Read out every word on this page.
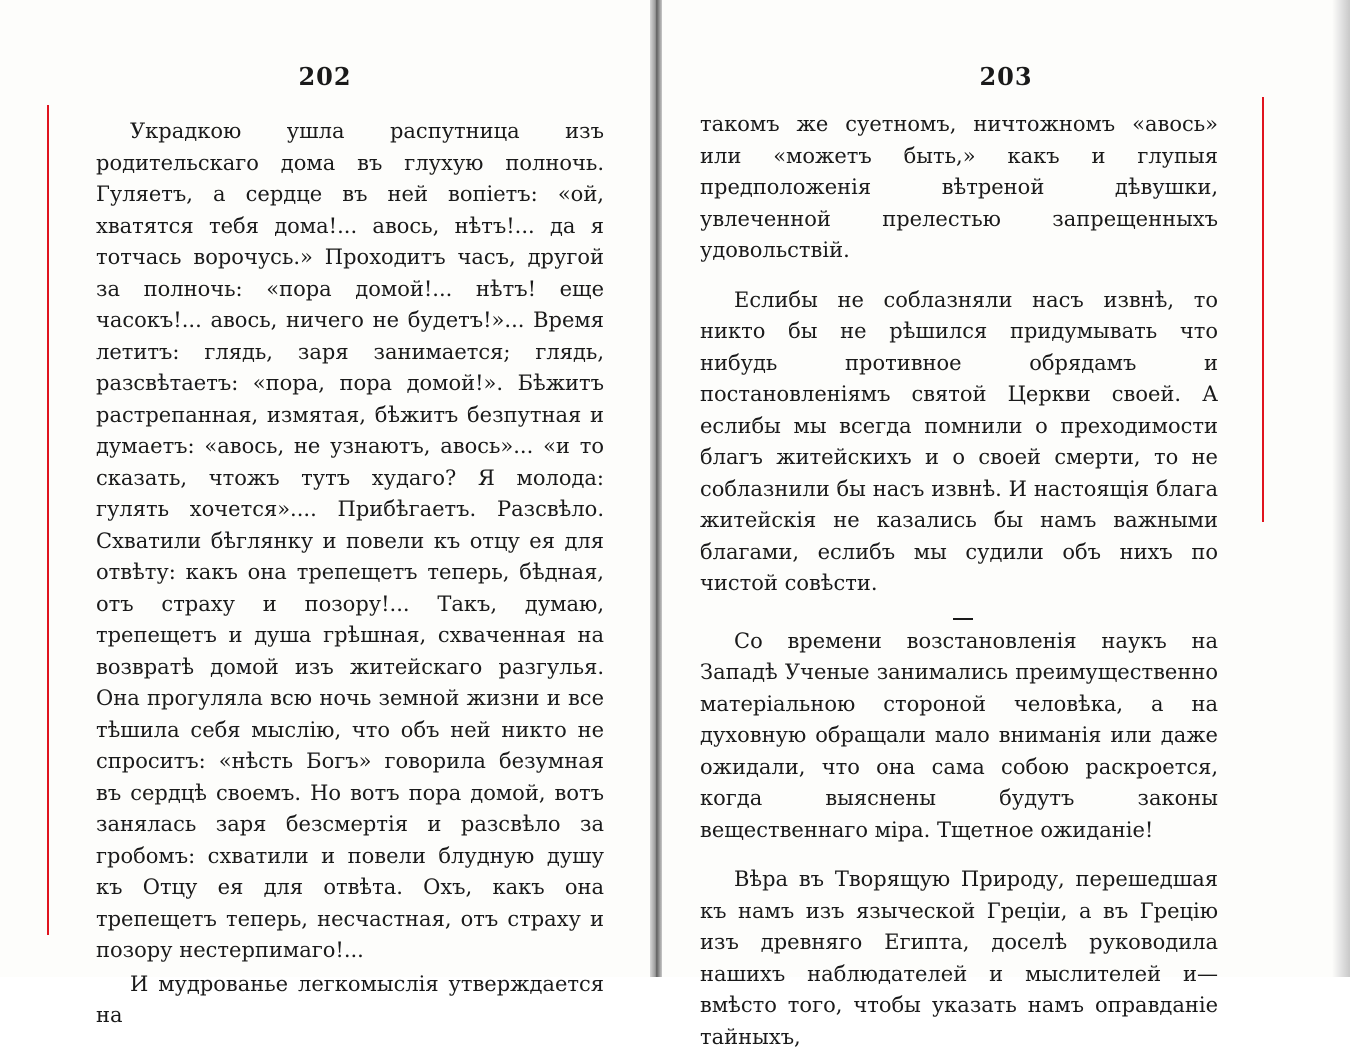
202

Украдкою ушла распутница изъ родительскаго дома въ глухую полночь. Гуляетъ, а сердце въ ней вопіетъ: «ой, хватятся тебя дома!... авось, нѣтъ!... да я тотчась ворочусь.» Проходитъ часъ, другой за полночь: «пора домой!... нѣтъ! еще часокъ!... авось, ничего не будетъ!»... Время летитъ: глядь, заря занимается; глядь, разсвѣтаетъ: «пора, пора домой!». Бѣжитъ растрепанная, измятая, бѣжитъ безпутная и думаетъ: «авось, не узнаютъ, авось»... «и то сказать, чтожъ тутъ худаго? Я молода: гулять хочется».... Прибѣгаетъ. Разсвѣло. Схватили бѣглянку и повели къ отцу ея для отвѣту: какъ она трепещетъ теперь, бѣдная, отъ страху и позору!... Такъ, думаю, трепещетъ и душа грѣшная, схваченная на возвратѣ домой изъ житейскаго разгулья. Она прогуляла всю ночь земной жизни и все тѣшила себя мыслію, что объ ней никто не спроситъ: «нѣсть Богъ» говорила безумная въ сердцѣ своемъ. Но вотъ пора домой, вотъ занялась заря безсмертія и разсвѣло за гробомъ: схватили и повели блудную душу къ Отцу ея для отвѣта. Охъ, какъ она трепещетъ теперь, несчастная, отъ страху и позору нестерпимаго!...

И мудрованье легкомыслія утверждается на

203

такомъ же суетномъ, ничтожномъ «авось» или «можетъ быть,» какъ и глупыя предположенія вѣтреной дѣвушки, увлеченной прелестью запрещенныхъ удовольствій.

Еслибы не соблазняли насъ извнѣ, то никто бы не рѣшился придумывать что нибудь противное обрядамъ и постановленіямъ святой Церкви своей. А еслибы мы всегда помнили о преходимости благъ житейскихъ и о своей смерти, то не соблазнили бы насъ извнѣ. И настоящія блага житейскія не казались бы намъ важными благами, еслибъ мы судили объ нихъ по чистой совѣсти.

Со времени возстановленія наукъ на Западѣ Ученые занимались преимущественно матеріальною стороной человѣка, а на духовную обращали мало вниманія или даже ожидали, что она сама собою раскроется, когда выяснены будутъ законы вещественнаго міра. Тщетное ожиданіе!

Вѣра въ Творящую Природу, перешедшая къ намъ изъ языческой Греціи, а въ Грецію изъ древняго Египта, доселѣ руководила нашихъ наблюдателей и мыслителей и—вмѣсто того, чтобы указать намъ оправданіе тайныхъ,
